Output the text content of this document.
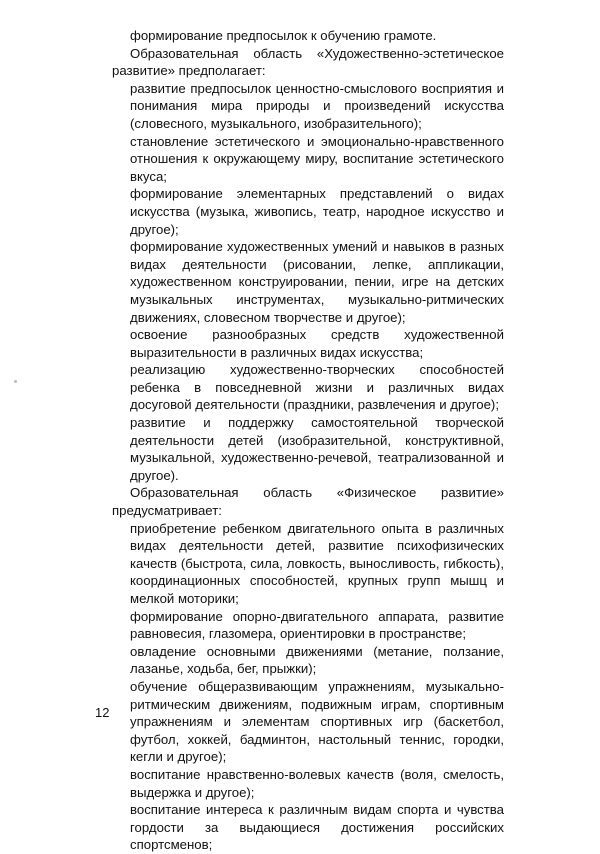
формирование предпосылок к обучению грамоте.

Образовательная область «Художественно-эстетическое развитие» предполагает:

развитие предпосылок ценностно-смыслового восприятия и понимания мира природы и произведений искусства (словесного, музыкального, изобразительного);
становление эстетического и эмоционально-нравственного отношения к окружающему миру, воспитание эстетического вкуса;
формирование элементарных представлений о видах искусства (музыка, живопись, театр, народное искусство и другое);
формирование художественных умений и навыков в разных видах деятельности (рисовании, лепке, аппликации, художественном конструировании, пении, игре на детских музыкальных инструментах, музыкально-ритмических движениях, словесном творчестве и другое);
освоение разнообразных средств художественной выразительности в различных видах искусства;
реализацию художественно-творческих способностей ребенка в повседневной жизни и различных видах досуговой деятельности (праздники, развлечения и другое);
развитие и поддержку самостоятельной творческой деятельности детей (изобразительной, конструктивной, музыкальной, художественно-речевой, театрализованной и другое).

Образовательная область «Физическое развитие» предусматривает:

приобретение ребенком двигательного опыта в различных видах деятельности детей, развитие психофизических качеств (быстрота, сила, ловкость, выносливость, гибкость), координационных способностей, крупных групп мышц и мелкой моторики;
формирование опорно-двигательного аппарата, развитие равновесия, глазомера, ориентировки в пространстве;
овладение основными движениями (метание, ползание, лазанье, ходьба, бег, прыжки);
обучение общеразвивающим упражнениям, музыкально-ритмическим движениям, подвижным играм, спортивным упражнениям и элементам спортивных игр (баскетбол, футбол, хоккей, бадминтон, настольный теннис, городки, кегли и другое);
воспитание нравственно-волевых качеств (воля, смелость, выдержка и другое);
воспитание интереса к различным видам спорта и чувства гордости за выдающиеся достижения российских спортсменов;
12
